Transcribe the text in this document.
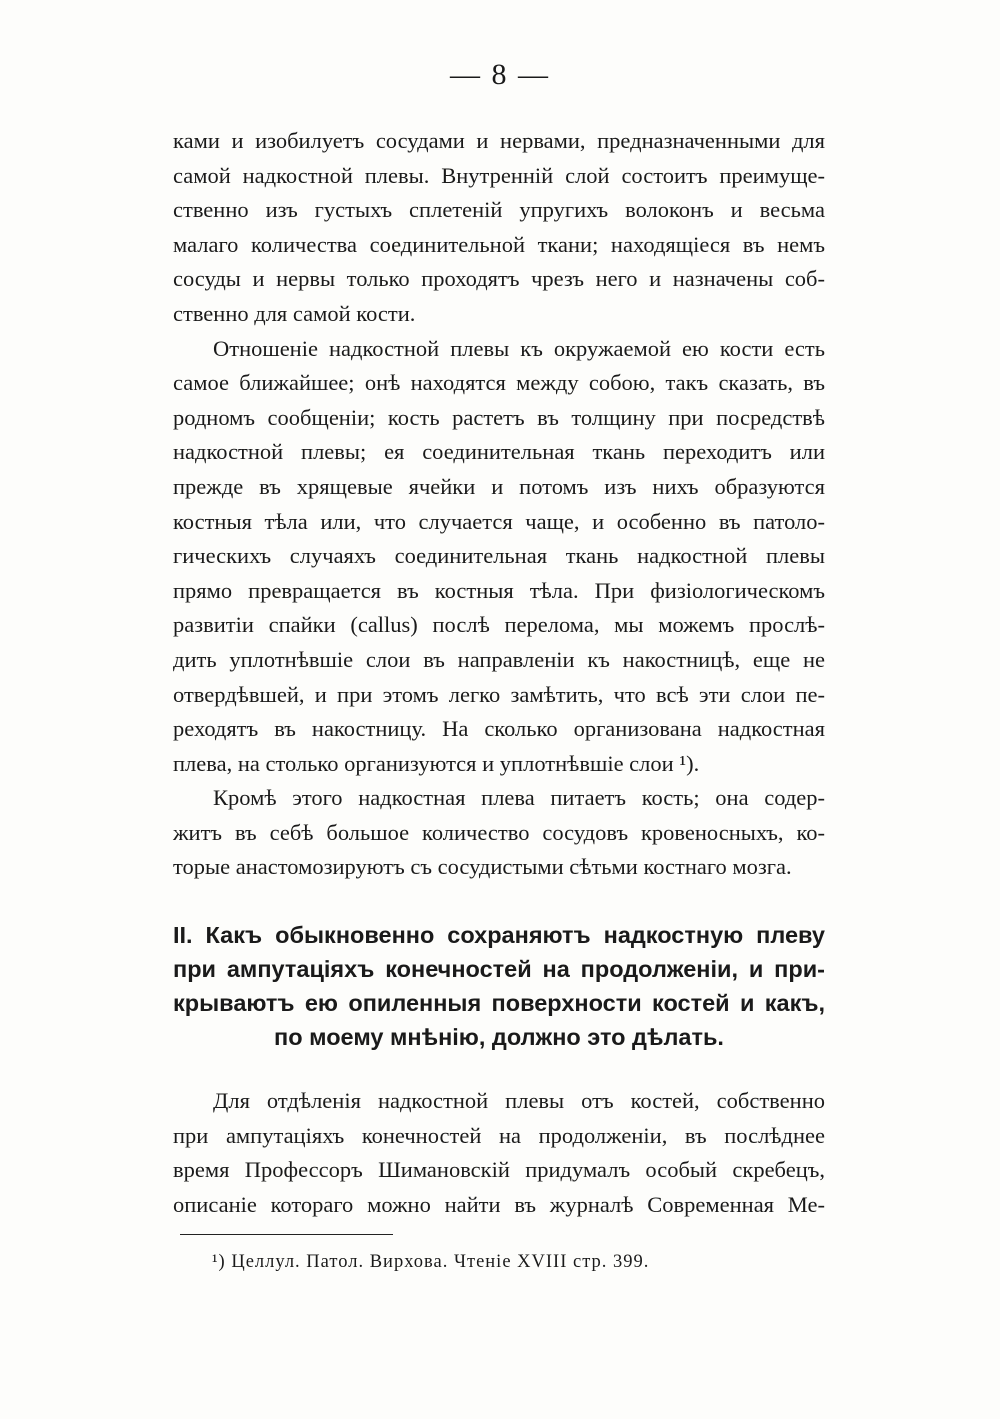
— 8 —
ками и изобилуетъ сосудами и нервами, предназначенными для
самой надкостной плевы. Внутренній слой состоитъ преимуще-
ственно изъ густыхъ сплетеній упругихъ волоконъ и весьма
малаго количества соединительной ткани; находящіеся въ немъ
сосуды и нервы только проходятъ чрезъ него и назначены соб-
ственно для самой кости.
Отношеніе надкостной плевы къ окружаемой ею кости есть
самое ближайшее; онѣ находятся между собою, такъ сказать, въ
родномъ сообщеніи; кость растетъ въ толщину при посредствѣ
надкостной плевы; ея соединительная ткань переходитъ или
прежде въ хрящевые ячейки и потомъ изъ нихъ образуются
костныя тѣла или, что случается чаще, и особенно въ патоло-
гическихъ случаяхъ соединительная ткань надкостной плевы
прямо превращается въ костныя тѣла. При физіологическомъ
развитіи спайки (callus) послѣ перелома, мы можемъ прослѣ-
дить уплотнѣвшіе слои въ направленіи къ накостницѣ, еще не
отвердѣвшей, и при этомъ легко замѣтить, что всѣ эти слои пе-
реходятъ въ накостницу. На сколько организована надкостная
плева, на столько организуются и уплотнѣвшіе слои ¹).
Кромѣ этого надкостная плева питаетъ кость; она содер-
житъ въ себѣ большое количество сосудовъ кровеносныхъ, ко-
торые анастомозируютъ съ сосудистыми сѣтьми костнаго мозга.
II. Какъ обыкновенно сохраняютъ надкостную плеву
при ампутаціяхъ конечностей на продолженіи, и при-
крываютъ ею опиленныя поверхности костей и какъ,
по моему мнѣнію, должно это дѣлать.
Для отдѣленія надкостной плевы отъ костей, собственно
при ампутаціяхъ конечностей на продолженіи, въ послѣднее
время Профессоръ Шимановскій придумалъ особый скребецъ,
описаніе котораго можно найти въ журналѣ Современная Ме-
¹) Целлул. Патол. Вирхова. Чтеніе XVIII стр. 399.
